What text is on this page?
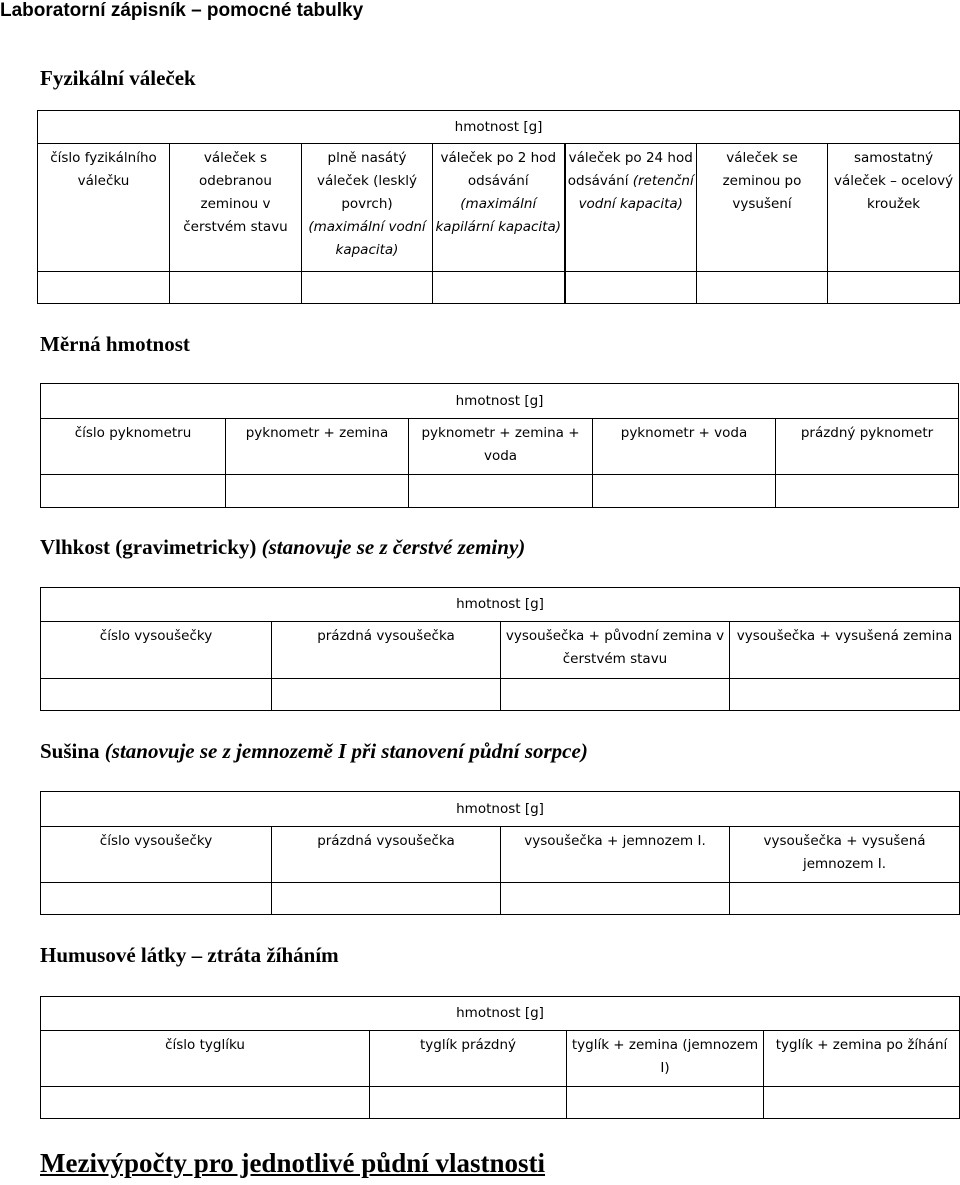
Laboratorní zápisník – pomocné tabulky
Fyzikální váleček
hmotnost [g]						
číslo fyzikálního válečku	váleček s odebranou zeminou v čerstvém stavu	plně nasátý váleček (lesklý povrch) (maximální vodní kapacita)	váleček po 2 hod odsávání (maximální kapilární kapacita)	váleček po 24 hod odsávání (retenční vodní kapacita)	váleček se zeminou po vysušení	samostatný váleček – ocelový kroužek

Měrná hmotnost
hmotnost [g]				
číslo pyknometru	pyknometr + zemina	pyknometr + zemina + voda	pyknometr + voda	prázdný pyknometr

Vlhkost (gravimetricky) (stanovuje se z čerstvé zeminy)
hmotnost [g]			
číslo vysoušečky	prázdná vysoušečka	vysoušečka + původní zemina v čerstvém stavu	vysoušečka + vysušená zemina

Sušina (stanovuje se z jemnozemě I při stanovení půdní sorpce)
hmotnost [g]			
číslo vysoušečky	prázdná vysoušečka	vysoušečka + jemnozem I.	vysoušečka + vysušená jemnozem I.

Humusové látky – ztráta žíháním
hmotnost [g]			
číslo tyglíku	tyglík prázdný	tyglík + zemina (jemnozem I)	tyglík + zemina po žíhání

Mezivýpočty pro jednotlivé půdní vlastnosti
